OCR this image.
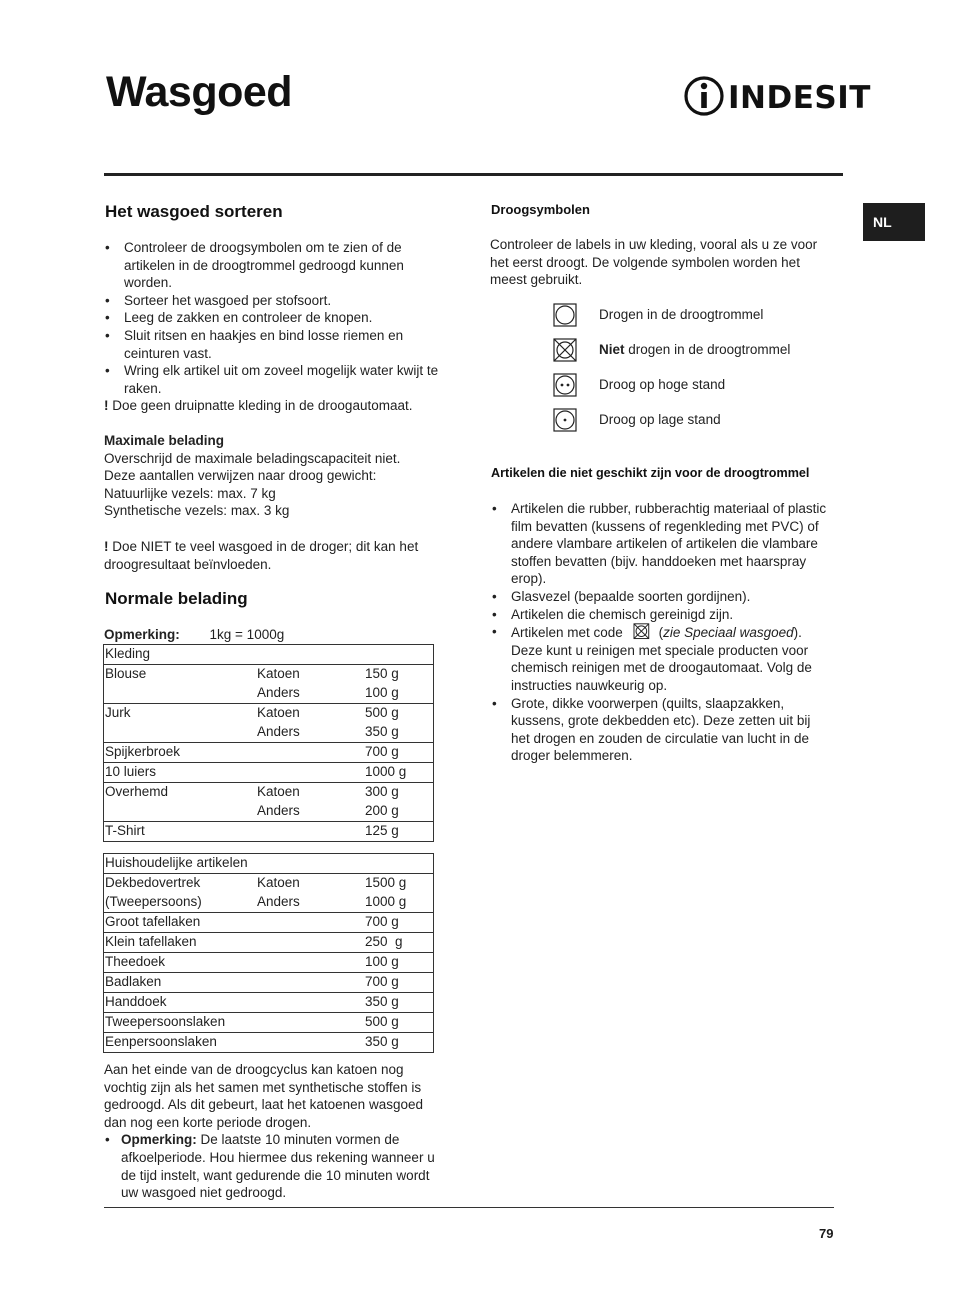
Wasgoed	INDESIT
NL
Het wasgoed sorteren
• Controleer de droogsymbolen om te zien of de artikelen in de droogtrommel gedroogd kunnen worden.
• Sorteer het wasgoed per stofsoort.
• Leeg de zakken en controleer de knopen.
• Sluit ritsen en haakjes en bind losse riemen en ceinturen vast.
• Wring elk artikel uit om zoveel mogelijk water kwijt te raken.
! Doe geen druipnatte kleding in de droogautomaat.
Maximale belading
Overschrijd de maximale beladingscapaciteit niet.
Deze aantallen verwijzen naar droog gewicht:
Natuurlijke vezels: max. 7 kg
Synthetische vezels: max. 3 kg
! Doe NIET te veel wasgoed in de droger; dit kan het droogresultaat beïnvloeden.
Normale belading
Opmerking: 1kg = 1000g
Kleding		
Blouse	Katoen	150 g
	Anders	100 g
Jurk	Katoen	500 g
	Anders	350 g
Spijkerbroek		700 g
10 luiers		1000 g
Overhemd	Katoen	300 g
	Anders	200 g
T-Shirt		125 g
Huishoudelijke artikelen		
Dekbedovertrek	Katoen	1500 g
(Tweepersoons)	Anders	1000 g
Groot tafellaken		700 g
Klein tafellaken		250  g
Theedoek		100 g
Badlaken		700 g
Handdoek		350 g
Tweepersoonslaken		500 g
Eenpersoonslaken		350 g
Aan het einde van de droogcyclus kan katoen nog vochtig zijn als het samen met synthetische stoffen is gedroogd. Als dit gebeurt, laat het katoenen wasgoed dan nog een korte periode drogen.
• Opmerking: De laatste 10 minuten vormen de afkoelperiode. Hou hiermee dus rekening wanneer u de tijd instelt, want gedurende die 10 minuten wordt uw wasgoed niet gedroogd.
Droogsymbolen
Controleer de labels in uw kleding, vooral als u ze voor het eerst droogt. De volgende symbolen worden het meest gebruikt.
Drogen in de droogtrommel
Niet drogen in de droogtrommel
Droog op hoge stand
Droog op lage stand
Artikelen die niet geschikt zijn voor de droogtrommel
• Artikelen die rubber, rubberachtig materiaal of plastic film bevatten (kussens of regenkleding met PVC) of andere vlambare artikelen of artikelen die vlambare stoffen bevatten (bijv. handdoeken met haarspray erop).
• Glasvezel (bepaalde soorten gordijnen).
• Artikelen die chemisch gereinigd zijn.
• Artikelen met code	(zie Speciaal wasgoed). Deze kunt u reinigen met speciale producten voor chemisch reinigen met de droogautomaat. Volg de instructies nauwkeurig op.
• Grote, dikke voorwerpen (quilts, slaapzakken, kussens, grote dekbedden etc). Deze zetten uit bij het drogen en zouden de circulatie van lucht in de droger belemmeren.
79
